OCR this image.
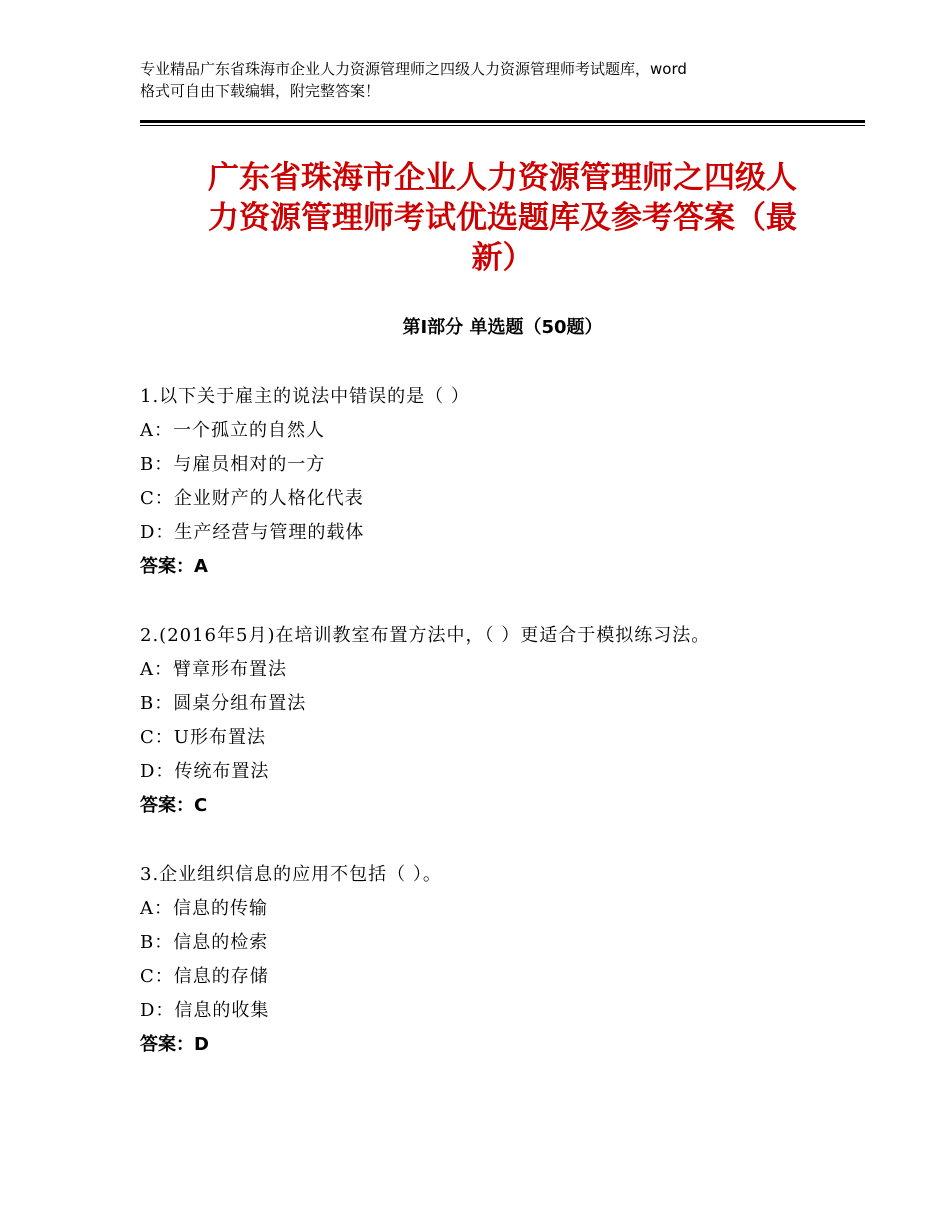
专业精品广东省珠海市企业人力资源管理师之四级人力资源管理师考试题库，word
格式可自由下载编辑，附完整答案！
广东省珠海市企业人力资源管理师之四级人
力资源管理师考试优选题库及参考答案（最
新）
第Ⅰ部分 单选题（50题）
1.以下关于雇主的说法中错误的是（ ）
A：一个孤立的自然人
B：与雇员相对的一方
C：企业财产的人格化代表
D：生产经营与管理的载体
答案：A
2.(2016年5月)在培训教室布置方法中，（ ）更适合于模拟练习法。
A：臂章形布置法
B：圆桌分组布置法
C：U形布置法
D：传统布置法
答案：C
3.企业组织信息的应用不包括（ ）。
A：信息的传输
B：信息的检索
C：信息的存储
D：信息的收集
答案：D
